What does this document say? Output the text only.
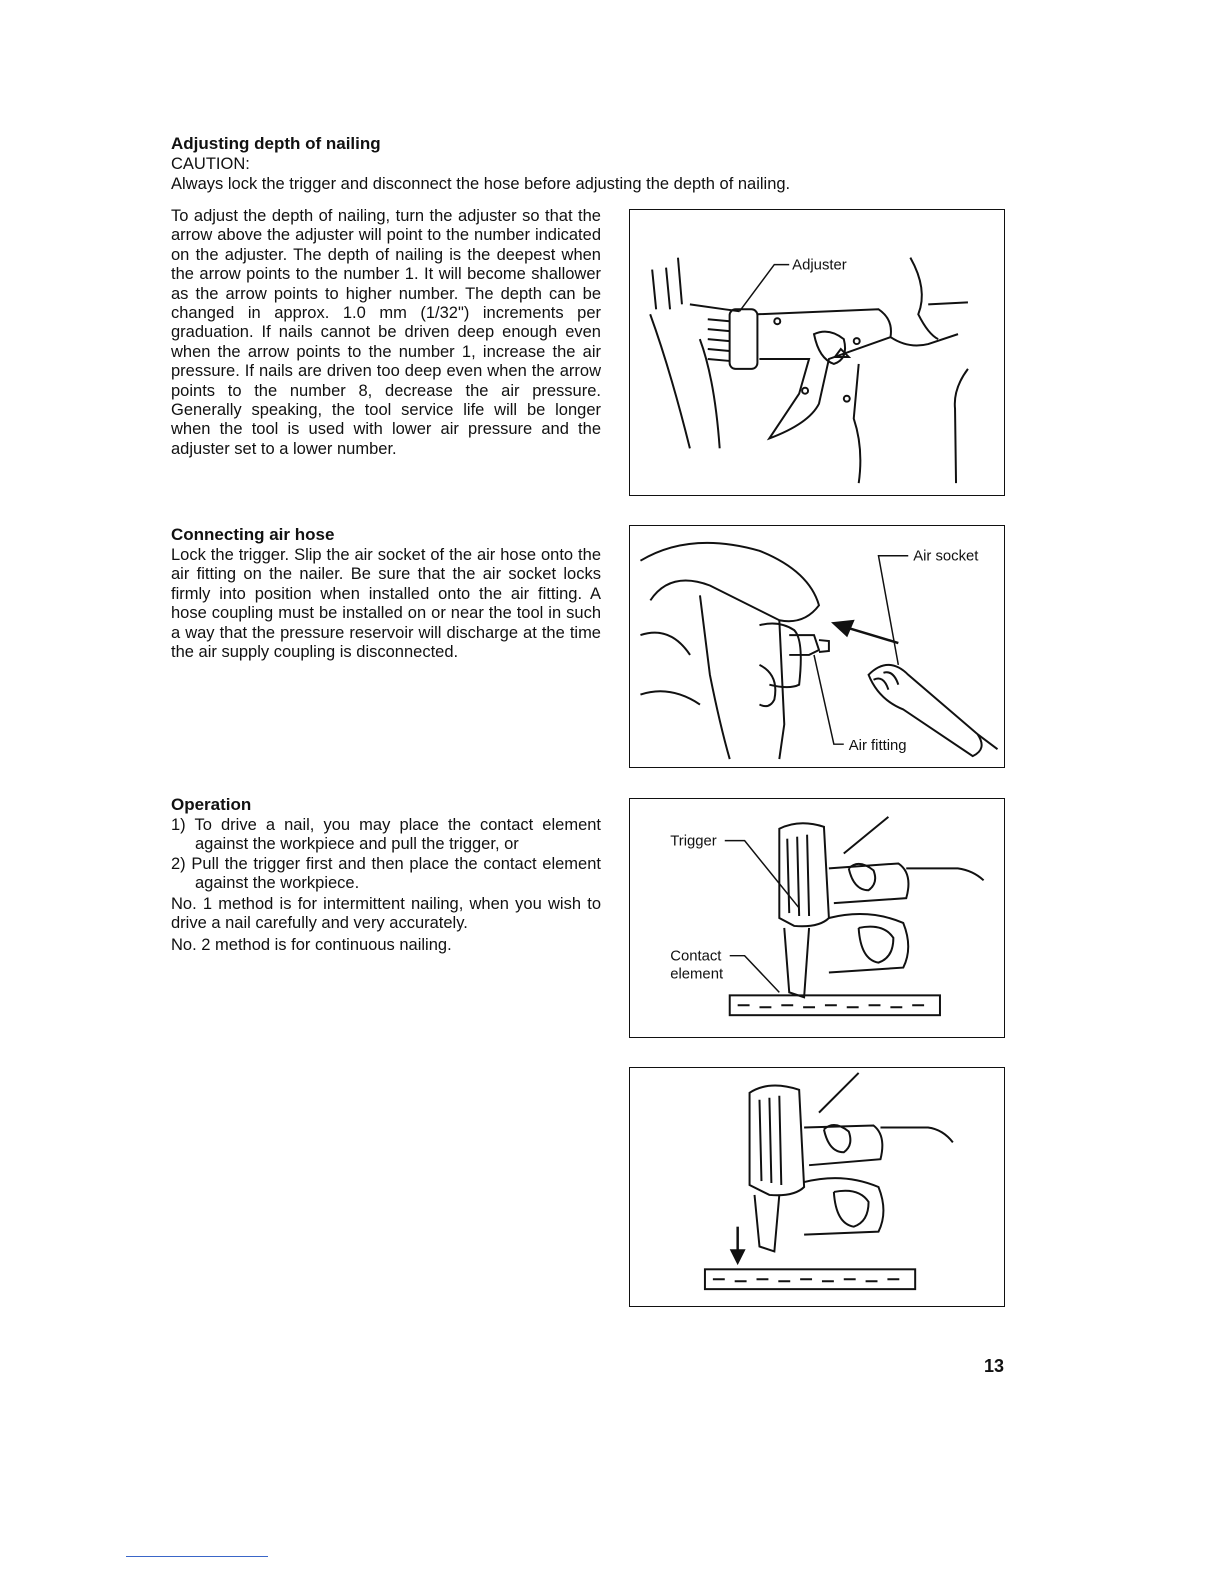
Adjusting depth of nailing
CAUTION:
Always lock the trigger and disconnect the hose before adjusting the depth of nailing.

To adjust the depth of nailing, turn the adjuster so that the arrow above the adjuster will point to the number indicated on the adjuster. The depth of nailing is the deepest when the arrow points to the number 1. It will become shallower as the arrow points to higher number. The depth can be changed in approx. 1.0 mm (1/32") increments per graduation. If nails cannot be driven deep enough even when the arrow points to the number 1, increase the air pressure. If nails are driven too deep even when the arrow points to the number 8, decrease the air pressure. Generally speaking, the tool service life will be longer when the tool is used with lower air pressure and the adjuster set to a lower number.

Adjuster
Connecting air hose

Lock the trigger. Slip the air socket of the air hose onto the air fitting on the nailer. Be sure that the air socket locks firmly into position when installed onto the air fitting. A hose coupling must be installed on or near the tool in such a way that the pressure reservoir will discharge at the time the air supply coupling is disconnected.

Air socket
Air fitting
Operation
1) To drive a nail, you may place the contact element against the workpiece and pull the trigger, or
2) Pull the trigger first and then place the contact element against the workpiece.

No. 1 method is for intermittent nailing, when you wish to drive a nail carefully and very accurately.

No. 2 method is for continuous nailing.

Trigger
Contact
element
13
